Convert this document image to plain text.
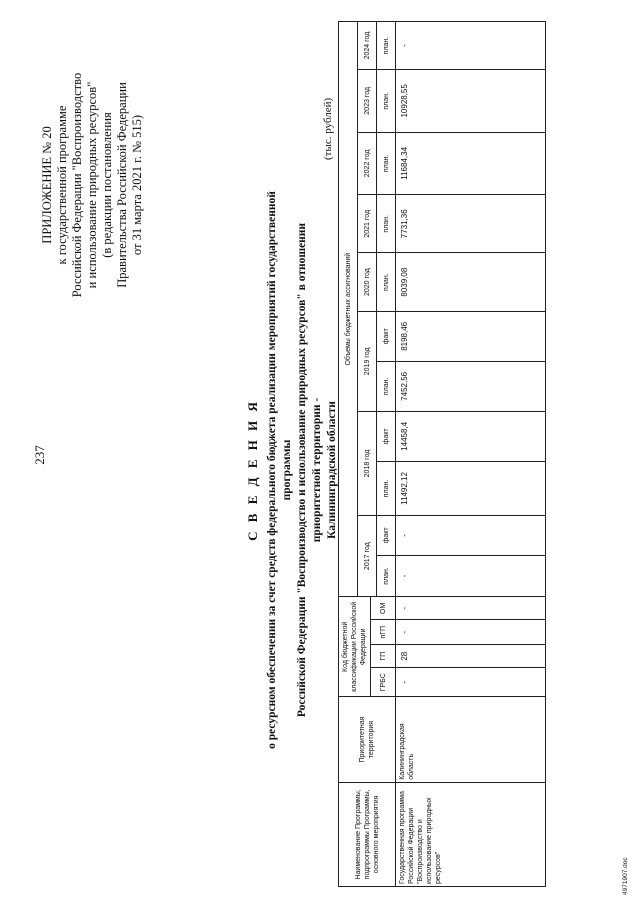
237
ПРИЛОЖЕНИЕ № 20 к государственной программе Российской Федерации "Воспроизводство и использование природных ресурсов" (в редакции постановления Правительства Российской Федерации от 31 марта 2021 г. № 515)
С В Е Д Е Н И Я о ресурсном обеспечении за счет средств федерального бюджета реализации мероприятий государственной программы Российской Федерации "Воспроизводство и использование природных ресурсов" в отношении приоритетной территории - Калининградской области
(тыс. рублей)
Наименование Программы, подпрограммы Программы, основного мероприятия	Приоритетная территория	Код бюджетной классификации Российской Федерации				Объемы бюджетных ассигнований										
						2017 год		2018 год		2019 год		2020 год	2021 год	2022 год	2023 год	2024 год
		ГРБС	ГП	пГП	ОМ											
						план.	факт	план.	факт	план.	факт	план.	план.	план.	план.	план.
Государственная программа Российской Федерации "Воспроизводство и использование природных ресурсов"	Калининградская область	-	28	-	-	-	-	11492,12	14458,4	7452,56	8198,46	8039,08	7731,36	11684,34	10928,55	-
4971907.doc
